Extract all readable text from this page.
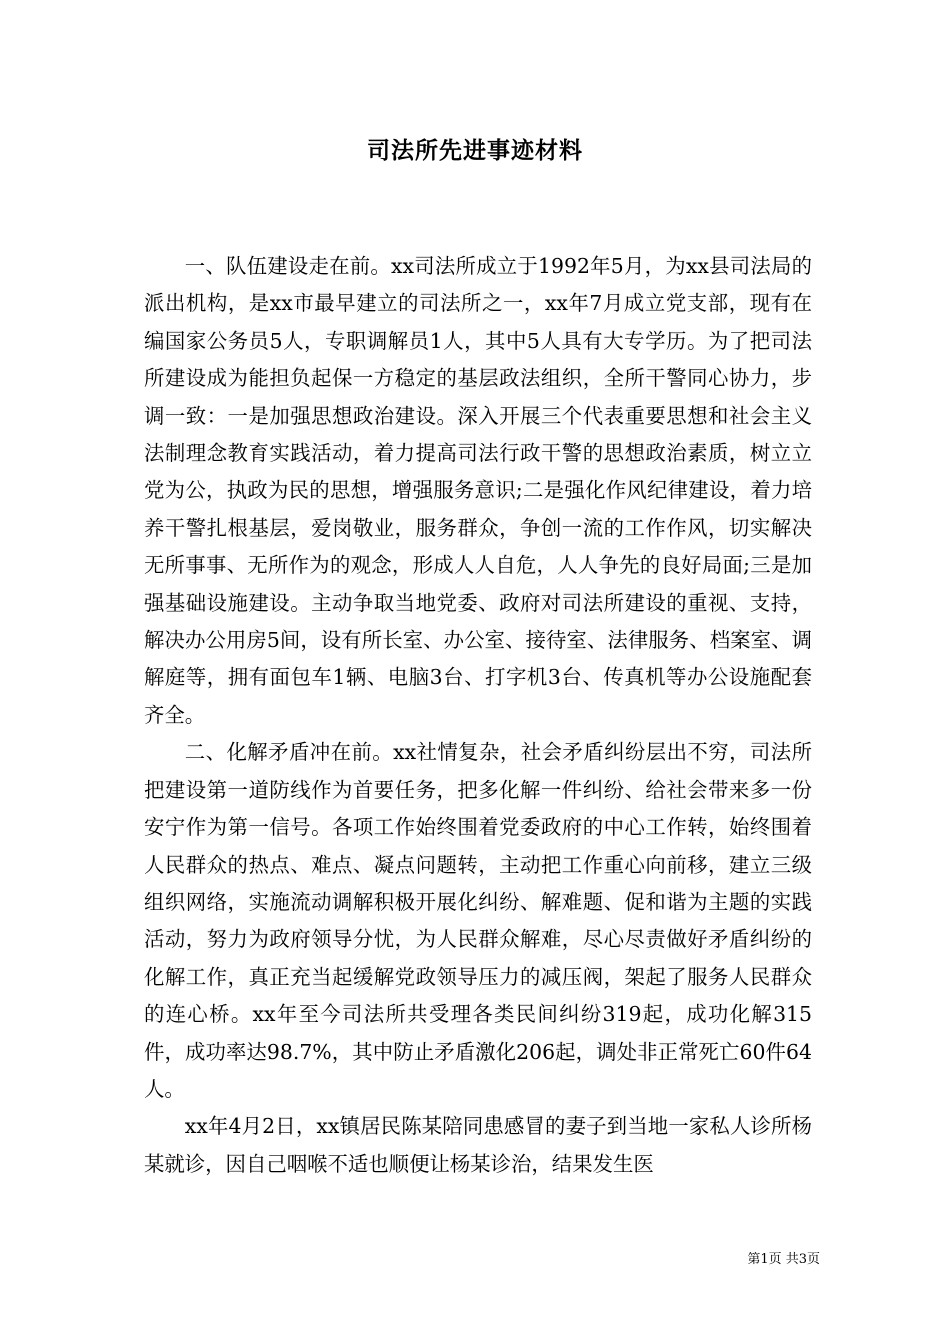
司法所先进事迹材料

一、队伍建设走在前。xx司法所成立于1992年5月，为xx县司法局的派出机构，是xx市最早建立的司法所之一，xx年7月成立党支部，现有在编国家公务员5人，专职调解员1人，其中5人具有大专学历。为了把司法所建设成为能担负起保一方稳定的基层政法组织，全所干警同心协力，步调一致：一是加强思想政治建设。深入开展三个代表重要思想和社会主义法制理念教育实践活动，着力提高司法行政干警的思想政治素质，树立立党为公，执政为民的思想，增强服务意识;二是强化作风纪律建设，着力培养干警扎根基层，爱岗敬业，服务群众，争创一流的工作作风，切实解决无所事事、无所作为的观念，形成人人自危，人人争先的良好局面;三是加强基础设施建设。主动争取当地党委、政府对司法所建设的重视、支持，解决办公用房5间，设有所长室、办公室、接待室、法律服务、档案室、调解庭等，拥有面包车1辆、电脑3台、打字机3台、传真机等办公设施配套齐全。

二、化解矛盾冲在前。xx社情复杂，社会矛盾纠纷层出不穷，司法所把建设第一道防线作为首要任务，把多化解一件纠纷、给社会带来多一份安宁作为第一信号。各项工作始终围着党委政府的中心工作转，始终围着人民群众的热点、难点、凝点问题转，主动把工作重心向前移，建立三级组织网络，实施流动调解积极开展化纠纷、解难题、促和谐为主题的实践活动，努力为政府领导分忧，为人民群众解难，尽心尽责做好矛盾纠纷的化解工作，真正充当起缓解党政领导压力的减压阀，架起了服务人民群众的连心桥。xx年至今司法所共受理各类民间纠纷319起，成功化解315件，成功率达98.7%，其中防止矛盾激化206起，调处非正常死亡60件64人。

xx年4月2日，xx镇居民陈某陪同患感冒的妻子到当地一家私人诊所杨某就诊，因自己咽喉不适也顺便让杨某诊治，结果发生医

第1页 共3页
